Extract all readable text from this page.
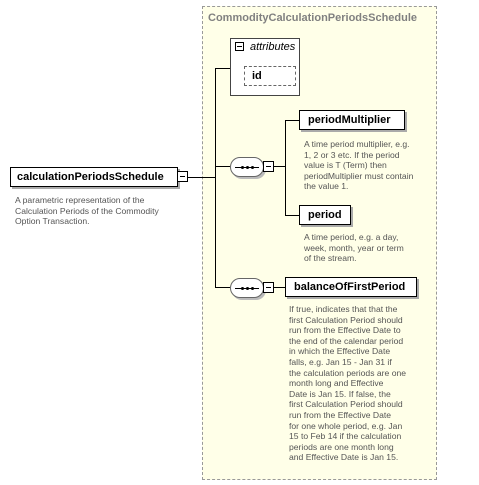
CommodityCalculationPeriodsSchedule
attributes
id
calculationPeriodsSchedule
A parametric representation of the
Calculation Periods of the Commodity
Option Transaction.
periodMultiplier
A time period multiplier, e.g.
1, 2 or 3 etc. If the period
value is T (Term) then
periodMultiplier must contain
the value 1.
period
A time period, e.g. a day,
week, month, year or term
of the stream.
balanceOfFirstPeriod
If true, indicates that that the
first Calculation Period should
run from the Effective Date to
the end of the calendar period
in which the Effective Date
falls, e.g. Jan 15 - Jan 31 if
the calculation periods are one
month long and Effective
Date is Jan 15. If false, the
first Calculation Period should
run from the Effective Date
for one whole period, e.g. Jan
15 to Feb 14 if the calculation
periods are one month long
and Effective Date is Jan 15.
